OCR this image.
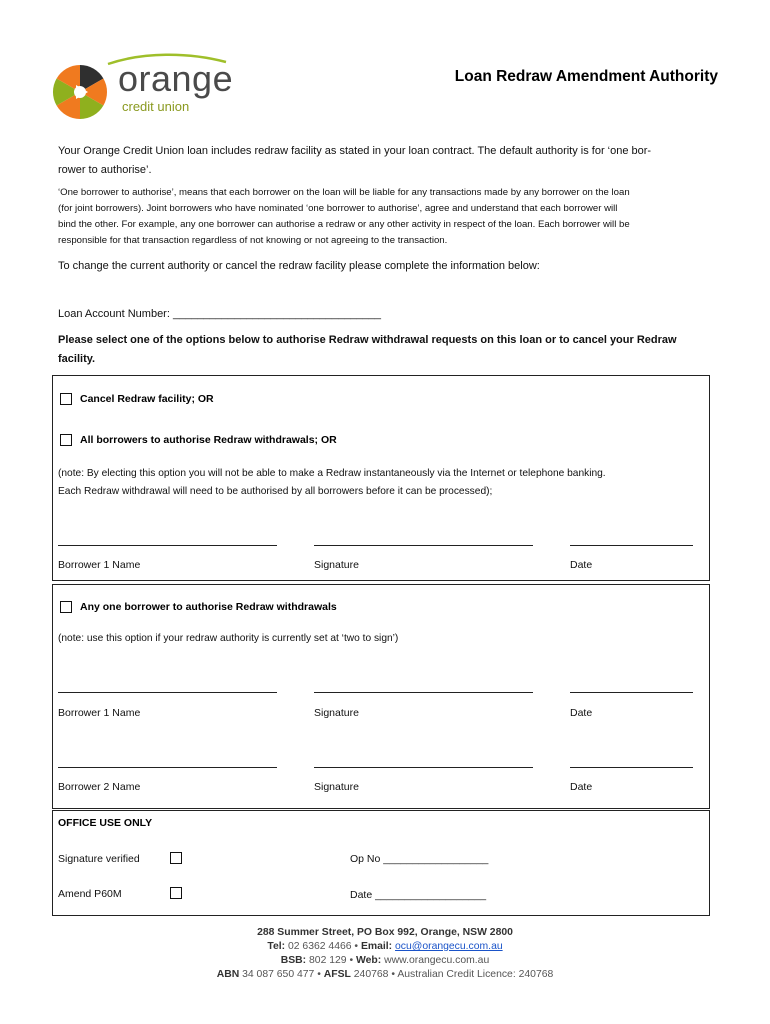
orange
credit union
Loan Redraw Amendment Authority
Your Orange Credit Union loan includes redraw facility as stated in your loan contract. The default authority is for ‘one bor-
rower to authorise’.
‘One borrower to authorise’, means that each borrower on the loan will be liable for any transactions made by any borrower on the loan
(for joint borrowers). Joint borrowers who have nominated ‘one borrower to authorise’, agree and understand that each borrower will
bind the other. For example, any one borrower can authorise a redraw or any other activity in respect of the loan. Each borrower will be
responsible for that transaction regardless of not knowing or not agreeing to the transaction.
To change the current authority or cancel the redraw facility please complete the information below:
Loan Account Number: __________________________________
Please select one of the options below to authorise Redraw withdrawal requests on this loan or to cancel your Redraw
facility.
Cancel Redraw facility; OR
All borrowers to authorise Redraw withdrawals; OR
(note: By electing this option you will not be able to make a Redraw instantaneously via the Internet or telephone banking.
Each Redraw withdrawal will need to be authorised by all borrowers before it can be processed);
Borrower 1 Name	Signature	Date
Any one borrower to authorise Redraw withdrawals
(note: use this option if your redraw authority is currently set at ‘two to sign’)
Borrower 1 Name	Signature	Date
Borrower 2 Name	Signature	Date
OFFICE USE ONLY
Signature verified	Op No __________________
Amend P60M	Date ___________________
288 Summer Street, PO Box 992, Orange, NSW 2800
Tel: 02 6362 4466 • Email: ocu@orangecu.com.au
BSB: 802 129 • Web: www.orangecu.com.au
ABN 34 087 650 477 • AFSL 240768 • Australian Credit Licence: 240768
